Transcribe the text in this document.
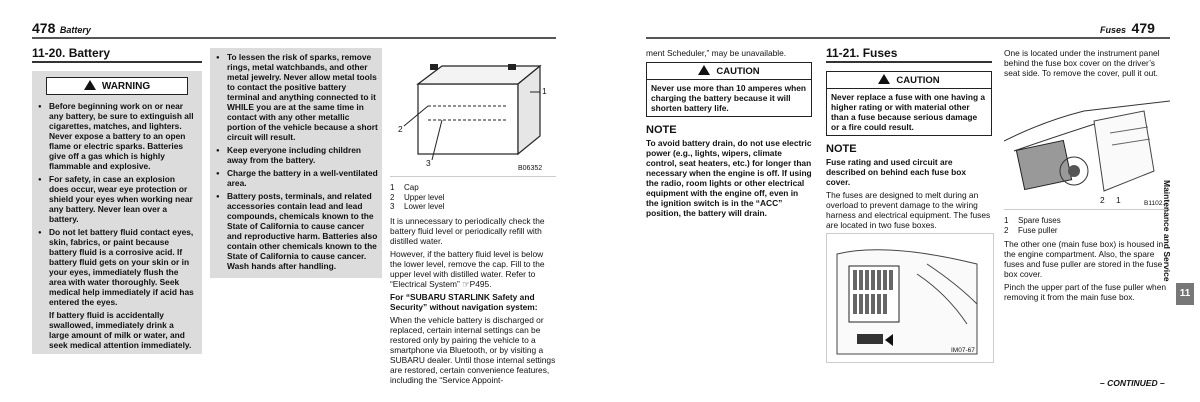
478 Battery	Fuses 479
11-20. Battery
WARNING
● Before beginning work on or near any battery, be sure to extinguish all cigarettes, matches, and lighters. Never expose a battery to an open flame or electric sparks. Batteries give off a gas which is highly flammable and explosive.
● For safety, in case an explosion does occur, wear eye protection or shield your eyes when working near any battery. Never lean over a battery.
● Do not let battery fluid contact eyes, skin, fabrics, or paint because battery fluid is a corrosive acid. If battery fluid gets on your skin or in your eyes, immediately flush the area with water thoroughly. Seek medical help immediately if acid has entered the eyes.
If battery fluid is accidentally swallowed, immediately drink a large amount of milk or water, and seek medical attention immediately.
● To lessen the risk of sparks, remove rings, metal watchbands, and other metal jewelry. Never allow metal tools to contact the positive battery terminal and anything connected to it WHILE you are at the same time in contact with any other metallic portion of the vehicle because a short circuit will result.
● Keep everyone including children away from the battery.
● Charge the battery in a well-ventilated area.
● Battery posts, terminals, and related accessories contain lead and lead compounds, chemicals known to the State of California to cause cancer and reproductive harm. Batteries also contain other chemicals known to the State of California to cause cancer. Wash hands after handling.
1
2
3
B06352
1 Cap
2 Upper level
3 Lower level

It is unnecessary to periodically check the battery fluid level or periodically refill with distilled water.

However, if the battery fluid level is below the lower level, remove the cap. Fill to the upper level with distilled water. Refer to “Electrical System” ☞P495.

For “SUBARU STARLINK Safety and Security” without navigation system:

When the vehicle battery is discharged or replaced, certain internal settings can be restored only by pairing the vehicle to a smartphone via Bluetooth, or by visiting a SUBARU dealer. Until those internal settings are restored, certain convenience features, including the “Service Appoint-

ment Scheduler,” may be unavailable.

CAUTION
Never use more than 10 amperes when charging the battery because it will shorten battery life.
NOTE
To avoid battery drain, do not use electric power (e.g., lights, wipers, climate control, seat heaters, etc.) for longer than necessary when the engine is off. If using the radio, room lights or other electrical equipment with the engine off, even in the ignition switch is in the “ACC” position, the battery will drain.
11-21. Fuses
CAUTION
Never replace a fuse with one having a higher rating or with material other than a fuse because serious damage or a fire could result.
NOTE
Fuse rating and used circuit are described on behind each fuse box cover.

The fuses are designed to melt during an overload to prevent damage to the wiring harness and electrical equipment. The fuses are located in two fuse boxes.

IM07-67

One is located under the instrument panel behind the fuse box cover on the driver’s seat side. To remove the cover, pull it out.

2 1	B1102..
1 Spare fuses
2 Fuse puller

The other one (main fuse box) is housed in the engine compartment. Also, the spare fuses and fuse puller are stored in the fuse box cover.

Pinch the upper part of the fuse puller when removing it from the main fuse box.

Maintenance and Service
11
– CONTINUED –
